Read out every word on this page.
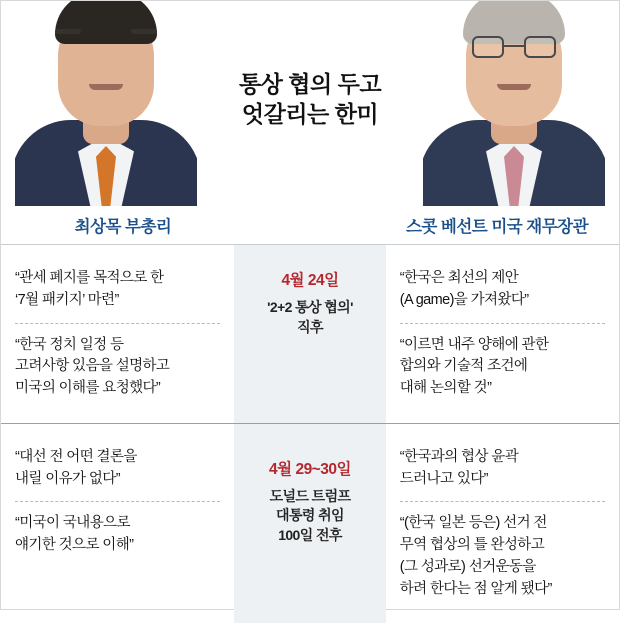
통상 협의 두고
엇갈리는 한미
최상목 부총리	스콧 베선트 미국 재무장관
“관세 폐지를 목적으로 한
‘7월 패키지’ 마련”
“한국 정치 일정 등
고려사항 있음을 설명하고
미국의 이해를 요청했다”
4월 24일
'2+2 통상 협의'
직후
“한국은 최선의 제안
(A game)을 가져왔다”
“이르면 내주 양해에 관한
합의와 기술적 조건에
대해 논의할 것”
“대선 전 어떤 결론을
내릴 이유가 없다”
“미국이 국내용으로
얘기한 것으로 이해”
4월 29~30일
도널드 트럼프
대통령 취임
100일 전후
“한국과의 협상 윤곽
드러나고 있다”
“(한국 일본 등은) 선거 전
무역 협상의 틀 완성하고
(그 성과로) 선거운동을
하려 한다는 점 알게 됐다”
